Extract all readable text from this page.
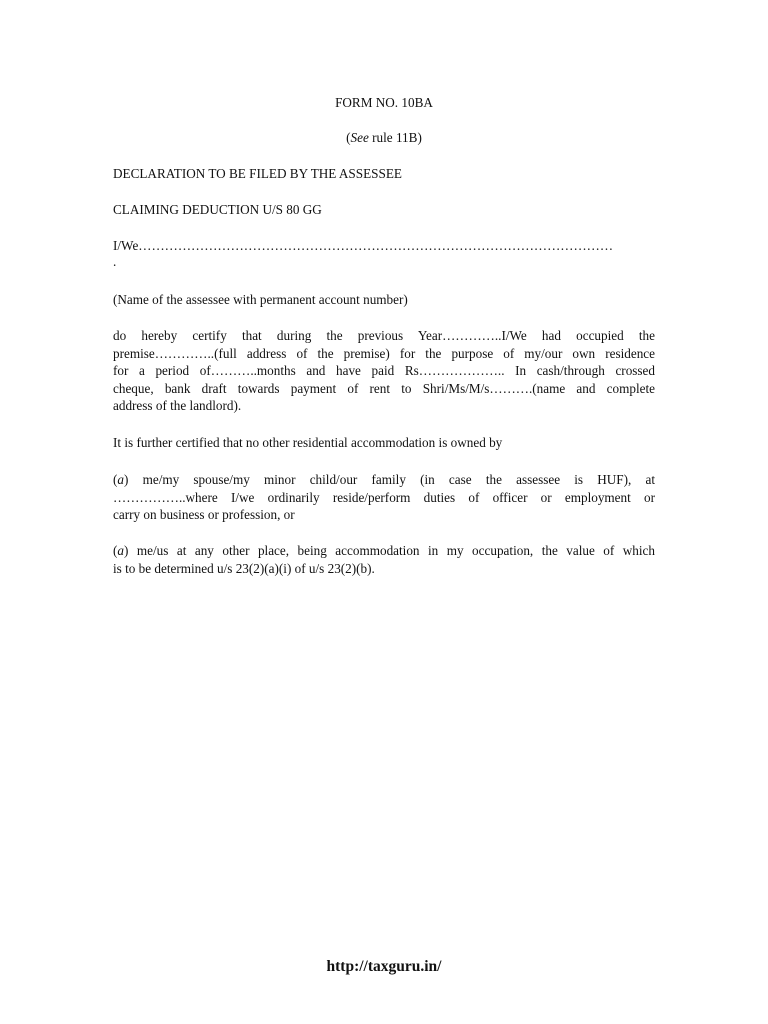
FORM NO. 10BA
(See rule 11B)
DECLARATION TO BE FILED BY THE ASSESSEE
CLAIMING DEDUCTION U/S 80 GG
I/We………………………………………………………………………………………………
.
(Name of the assessee with permanent account number)
do hereby certify that during the previous Year…………..I/We had occupied the
premise…………..(full address of the premise) for the purpose of my/our own residence
for a period of………..months and have paid Rs……………….. In cash/through crossed
cheque, bank draft towards payment of rent to Shri/Ms/M/s……….(name and complete
address of the landlord).
It is further certified that no other residential accommodation is owned by
(a) me/my spouse/my minor child/our family (in case the assessee is HUF), at
……………..where I/we ordinarily reside/perform duties of officer or employment or
carry on business or profession, or
(a) me/us at any other place, being accommodation in my occupation, the value of which
is to be determined u/s 23(2)(a)(i) of u/s 23(2)(b).
http://taxguru.in/
